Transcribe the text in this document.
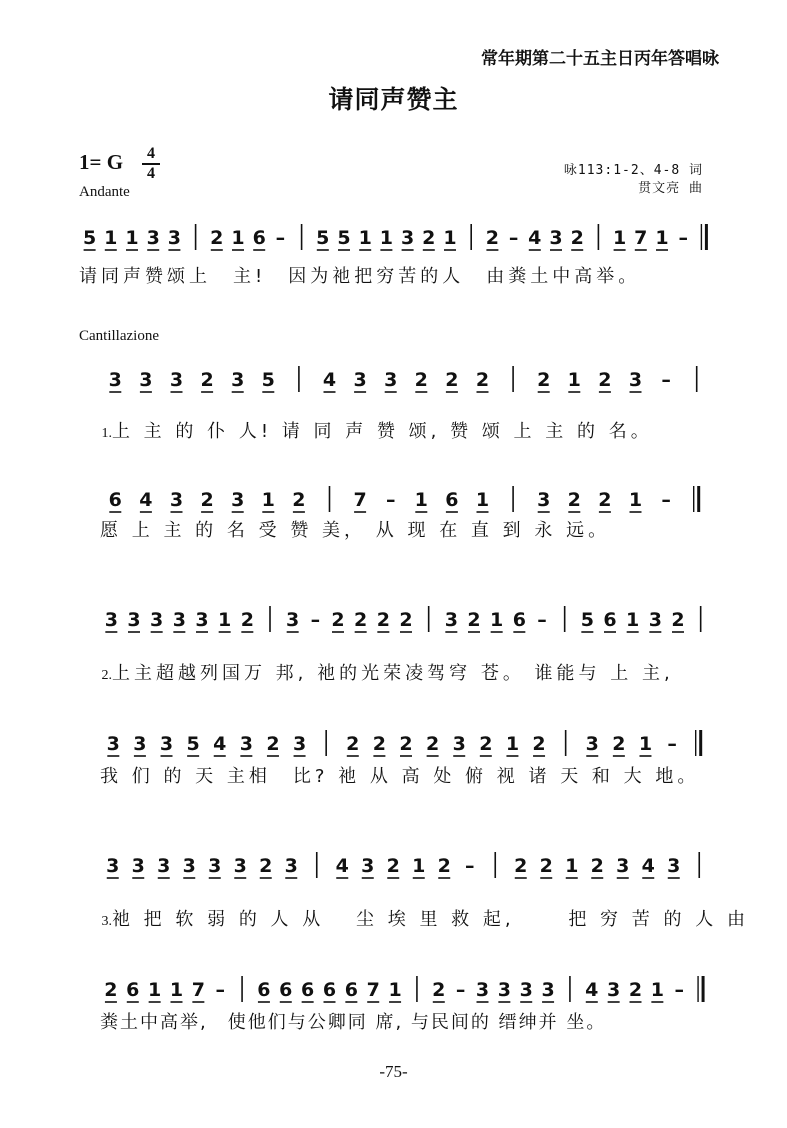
常年期第二十五主日丙年答唱咏
请同声赞主
1= G	4
4
Andante
咏113:1-2、4-8 词
贯文亮 曲
Cantillazione
5 1 1 3 3 2 1 6 – 5 5 1 1 3 2 1 2 – 4 3 2 1 7 1 –
请同声赞颂上　主!　因为祂把穷苦的人　由粪土中高举。
3 3 3 2 3 5	4 3 3 2 2 2	2 1 2 3 –

1.上 主 的 仆 人! 请 同 声 赞 颂, 赞 颂 上 主 的 名。

6 4 3 2 3 1 2	7 – 1 6 1	3 2 2 1 –
愿 上 主 的 名 受 赞 美， 从 现 在 直 到 永 远。
3 3 3 3 3 1 2 3 – 2 2 2 2 3 2 1 6 – 5 6 1 3 2

2.上主超越列国万 邦, 祂的光荣凌驾穹 苍。 谁能与 上 主,

3 3 3 5 4 3 2 3 2 2 2 2 3 2 1 2 3 2 1 –
我 们 的 天 主相　比? 祂 从 高 处 俯 视 诸 天 和 大 地。
3 3 3 3 3 3 2 3 4 3 2 1 2 – 2 2 1 2 3 4 3

3.祂 把 软 弱 的 人 从　 尘 埃 里 救 起,　　 把 穷 苦 的 人 由

2 6 1 1 7 – 6 6 6 6 6 7 1 2 – 3 3 3 3 4 3 2 1 –
粪土中高举,　使他们与公卿同 席, 与民间的 缙绅并 坐。
-75-
